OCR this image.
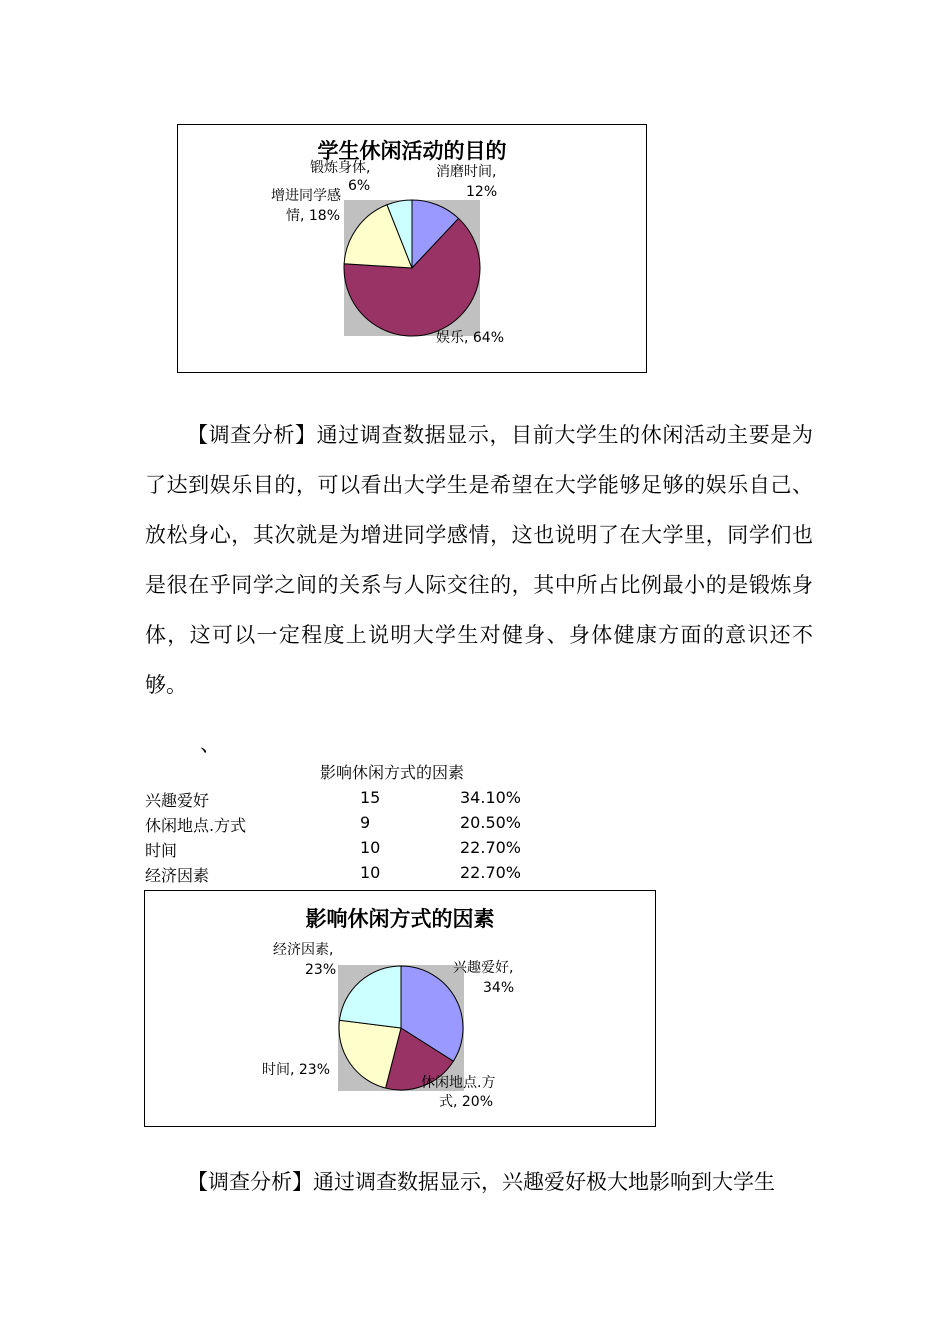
学生休闲活动的目的
锻炼身体,
6%
消磨时间,
12%
增进同学感
情, 18%
娱乐, 64%
【调查分析】通过调查数据显示，目前大学生的休闲活动主要是为了达到娱乐目的，可以看出大学生是希望在大学能够足够的娱乐自己、放松身心，其次就是为增进同学感情，这也说明了在大学里，同学们也是很在乎同学之间的关系与人际交往的，其中所占比例最小的是锻炼身体，这可以一定程度上说明大学生对健身、身体健康方面的意识还不够。
、
影响休闲方式的因素
兴趣爱好	15	34.10%
休闲地点.方式	9	20.50%
时间	10	22.70%
经济因素	10	22.70%
影响休闲方式的因素
经济因素,
23%	兴趣爱好,
34%
时间, 23%
休闲地点.方
式, 20%
【调查分析】通过调查数据显示，兴趣爱好极大地影响到大学生
